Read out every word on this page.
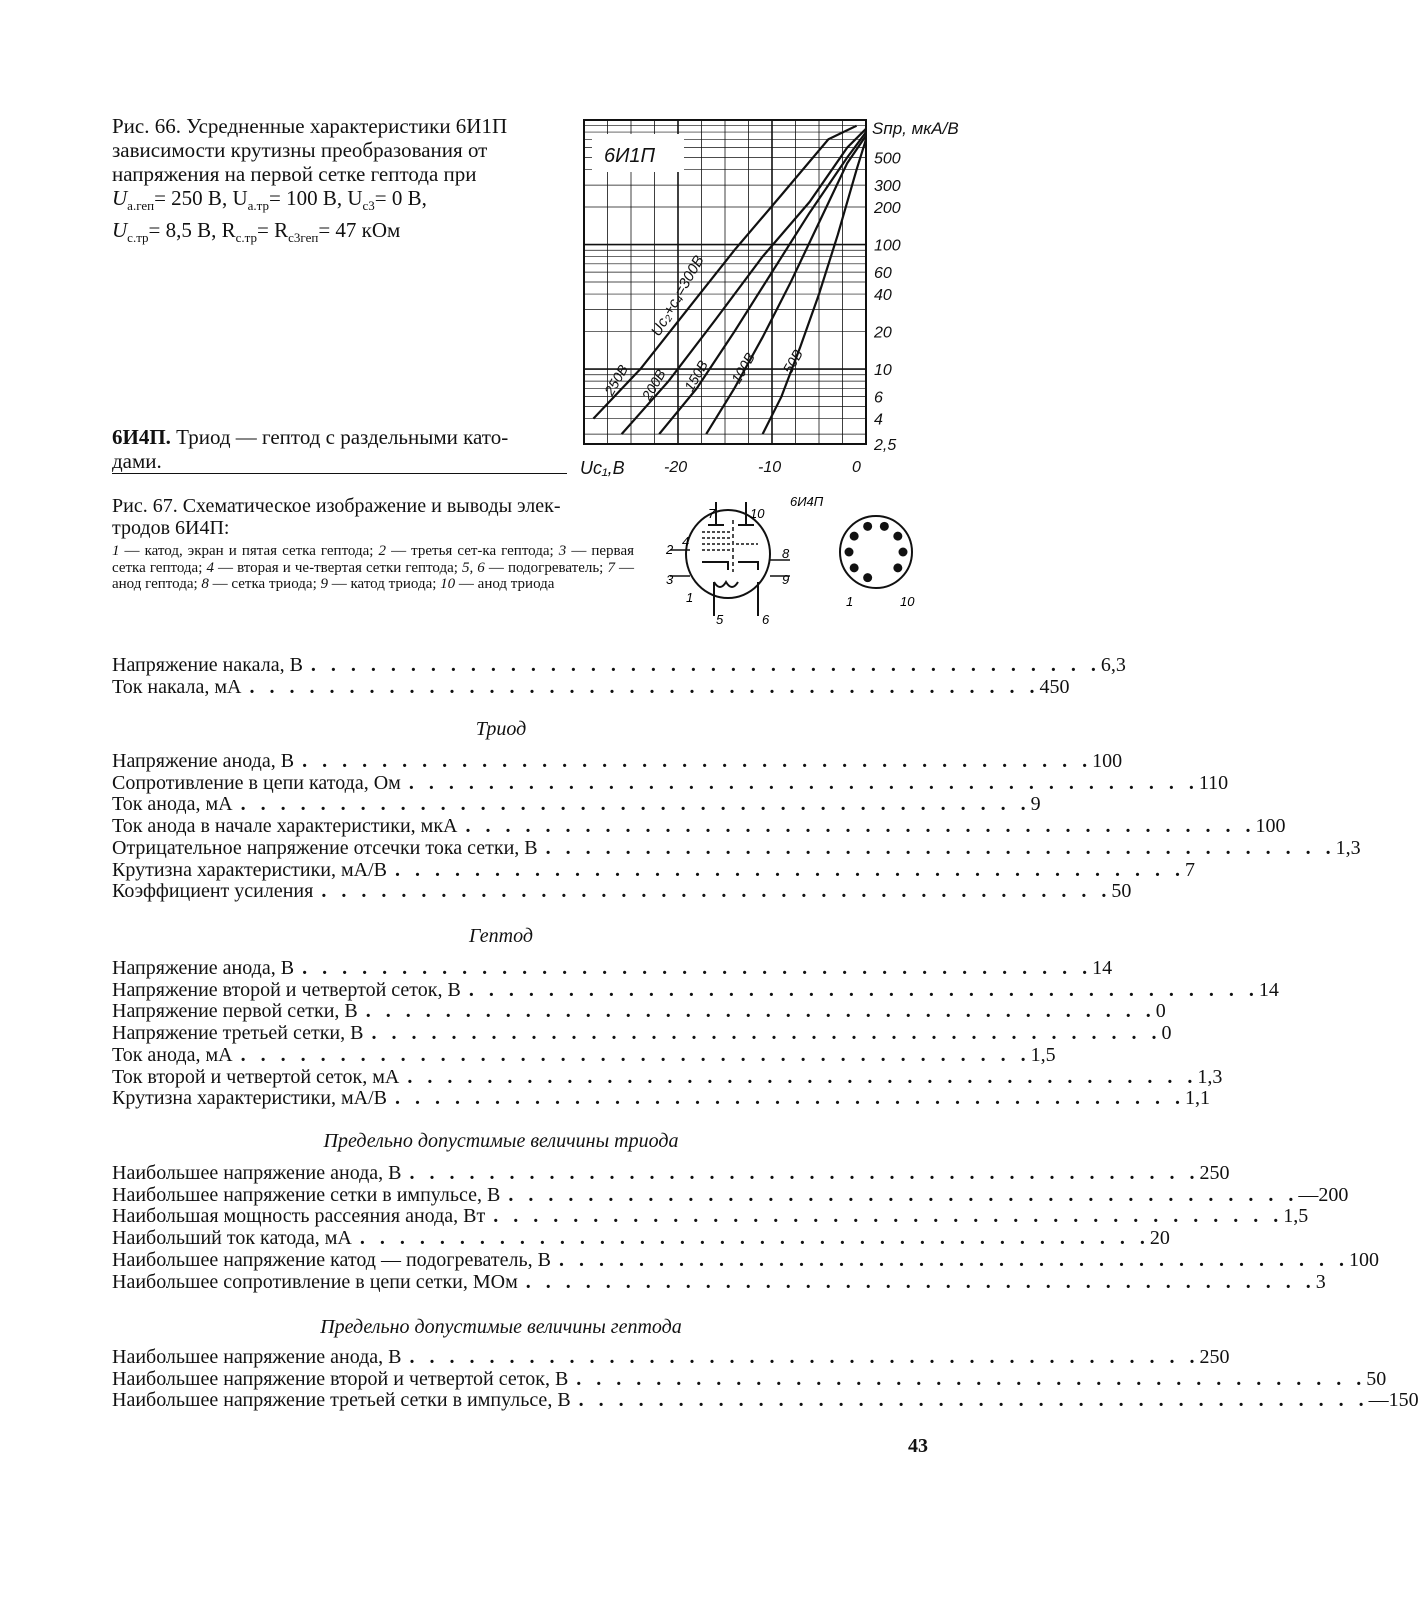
Рис. 66. Усредненные характеристики 6И1П

зависимости крутизны преобразования от

напряжения на первой сетке гептода при

$U_{а.геп}= 250$ В, $U_{а.тр}= 100$ В, $U_{с3}= 0$ В,

$U_{с.тр}= 8,5$ В, $R_{с.тр}= R_{с3геп}= 47$ кОм

6И4П. Триод — гептод с раздельными като-
дами.
6И1П	500
300
200
100
60
40
20
10
6
4
2,5
Sпр, мкА/В
-20	-10	0
Uc₁,В
250В 200В 150В 100В 50В
Uc₂+c₄=300В
Рис. 67. Схематическое изображение и выводы элек-
тродов 6И4П:
1 — катод, экран и пятая сетка гептода; 2 — третья сет-ка гептода; 3 — первая сетка гептода; 4 — вторая и че-твертая сетки гептода; 5, 6 — подогреватель; 7 — анод гептода; 8 — сетка триода; 9 — катод триода; 10 — анод триода
7	10
2
4
3
1
8
9
5	6
6И4П
1	10
Напряжение накала, В . . . . . . . . . . . . . . . . . . . . . . . . . . . . . . . . . . . . . . . . 6,3
Ток накала, мА . . . . . . . . . . . . . . . . . . . . . . . . . . . . . . . . . . . . . . . . 450
Триод
Напряжение анода, В . . . . . . . . . . . . . . . . . . . . . . . . . . . . . . . . . . . . . . . . 100
Сопротивление в цепи катода, Ом . . . . . . . . . . . . . . . . . . . . . . . . . . . . . . . . . . . . . . . . 110
Ток анода, мА . . . . . . . . . . . . . . . . . . . . . . . . . . . . . . . . . . . . . . . . 9
Ток анода в начале характеристики, мкА . . . . . . . . . . . . . . . . . . . . . . . . . . . . . . . . . . . . . . . . 100
Отрицательное напряжение отсечки тока сетки, В . . . . . . . . . . . . . . . . . . . . . . . . . . . . . . . . . . . . . . . . 1,3
Крутизна характеристики, мА/В . . . . . . . . . . . . . . . . . . . . . . . . . . . . . . . . . . . . . . . . 7
Коэффициент усиления . . . . . . . . . . . . . . . . . . . . . . . . . . . . . . . . . . . . . . . . 50
Гептод
Напряжение анода, В . . . . . . . . . . . . . . . . . . . . . . . . . . . . . . . . . . . . . . . . 14
Напряжение второй и четвертой сеток, В . . . . . . . . . . . . . . . . . . . . . . . . . . . . . . . . . . . . . . . . 14
Напряжение первой сетки, В . . . . . . . . . . . . . . . . . . . . . . . . . . . . . . . . . . . . . . . . 0
Напряжение третьей сетки, В . . . . . . . . . . . . . . . . . . . . . . . . . . . . . . . . . . . . . . . . 0
Ток анода, мА . . . . . . . . . . . . . . . . . . . . . . . . . . . . . . . . . . . . . . . . 1,5
Ток второй и четвертой сеток, мА . . . . . . . . . . . . . . . . . . . . . . . . . . . . . . . . . . . . . . . . 1,3
Крутизна характеристики, мА/В . . . . . . . . . . . . . . . . . . . . . . . . . . . . . . . . . . . . . . . . 1,1
Предельно допустимые величины триода
Наибольшее напряжение анода, В . . . . . . . . . . . . . . . . . . . . . . . . . . . . . . . . . . . . . . . . 250
Наибольшее напряжение сетки в импульсе, В . . . . . . . . . . . . . . . . . . . . . . . . . . . . . . . . . . . . . . . . —200
Наибольшая мощность рассеяния анода, Вт . . . . . . . . . . . . . . . . . . . . . . . . . . . . . . . . . . . . . . . . 1,5
Наибольший ток катода, мА . . . . . . . . . . . . . . . . . . . . . . . . . . . . . . . . . . . . . . . . 20
Наибольшее напряжение катод — подогреватель, В . . . . . . . . . . . . . . . . . . . . . . . . . . . . . . . . . . . . . . . . 100
Наибольшее сопротивление в цепи сетки, МОм . . . . . . . . . . . . . . . . . . . . . . . . . . . . . . . . . . . . . . . . 3
Предельно допустимые величины гептода
Наибольшее напряжение анода, В . . . . . . . . . . . . . . . . . . . . . . . . . . . . . . . . . . . . . . . . 250
Наибольшее напряжение второй и четвертой сеток, В . . . . . . . . . . . . . . . . . . . . . . . . . . . . . . . . . . . . . . . . 50
Наибольшее напряжение третьей сетки в импульсе, В . . . . . . . . . . . . . . . . . . . . . . . . . . . . . . . . . . . . . . . . —150
43
